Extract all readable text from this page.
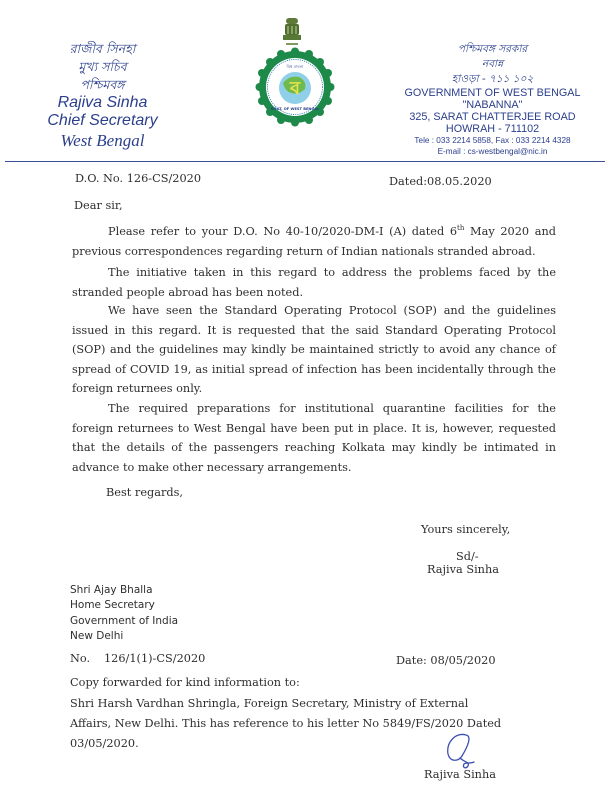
রাজীব সিনহা
মুখ্য সচিব
পশ্চিমবঙ্গ
Rajiva Sinha
Chief Secretary
West Bengal
ব
বিশ্ব বাংলা
GOVT. OF WEST BENGAL
পশ্চিমবঙ্গ সরকার
নবান্ন
হাওড়া - ৭১১ ১০২
GOVERNMENT OF WEST BENGAL
"NABANNA"
325, SARAT CHATTERJEE ROAD
HOWRAH - 711102
Tele : 033 2214 5858, Fax : 033 2214 4328
E-mail : cs-westbengal@nic.in
D.O. No. 126-CS/2020	Dated:08.05.2020
Dear sir,
Please refer to your D.O. No 40-10/2020-DM-I (A) dated 6th May 2020 and previous correspondences regarding return of Indian nationals stranded abroad.
The initiative taken in this regard to address the problems faced by the stranded people abroad has been noted.
We have seen the Standard Operating Protocol (SOP) and the guidelines issued in this regard. It is requested that the said Standard Operating Protocol (SOP) and the guidelines may kindly be maintained strictly to avoid any chance of spread of COVID 19, as initial spread of infection has been incidentally through the foreign returnees only.
The required preparations for institutional quarantine facilities for the foreign returnees to West Bengal have been put in place. It is, however, requested that the details of the passengers reaching Kolkata may kindly be intimated in advance to make other necessary arrangements.
Best regards,
Yours sincerely,
Sd/-
Rajiva Sinha
Shri Ajay Bhalla
Home Secretary
Government of India
New Delhi
No. 126/1(1)-CS/2020	Date: 08/05/2020
Copy forwarded for kind information to:
Shri Harsh Vardhan Shringla, Foreign Secretary, Ministry of External Affairs, New Delhi. This has reference to his letter No 5849/FS/2020 Dated 03/05/2020.
Rajiva Sinha
